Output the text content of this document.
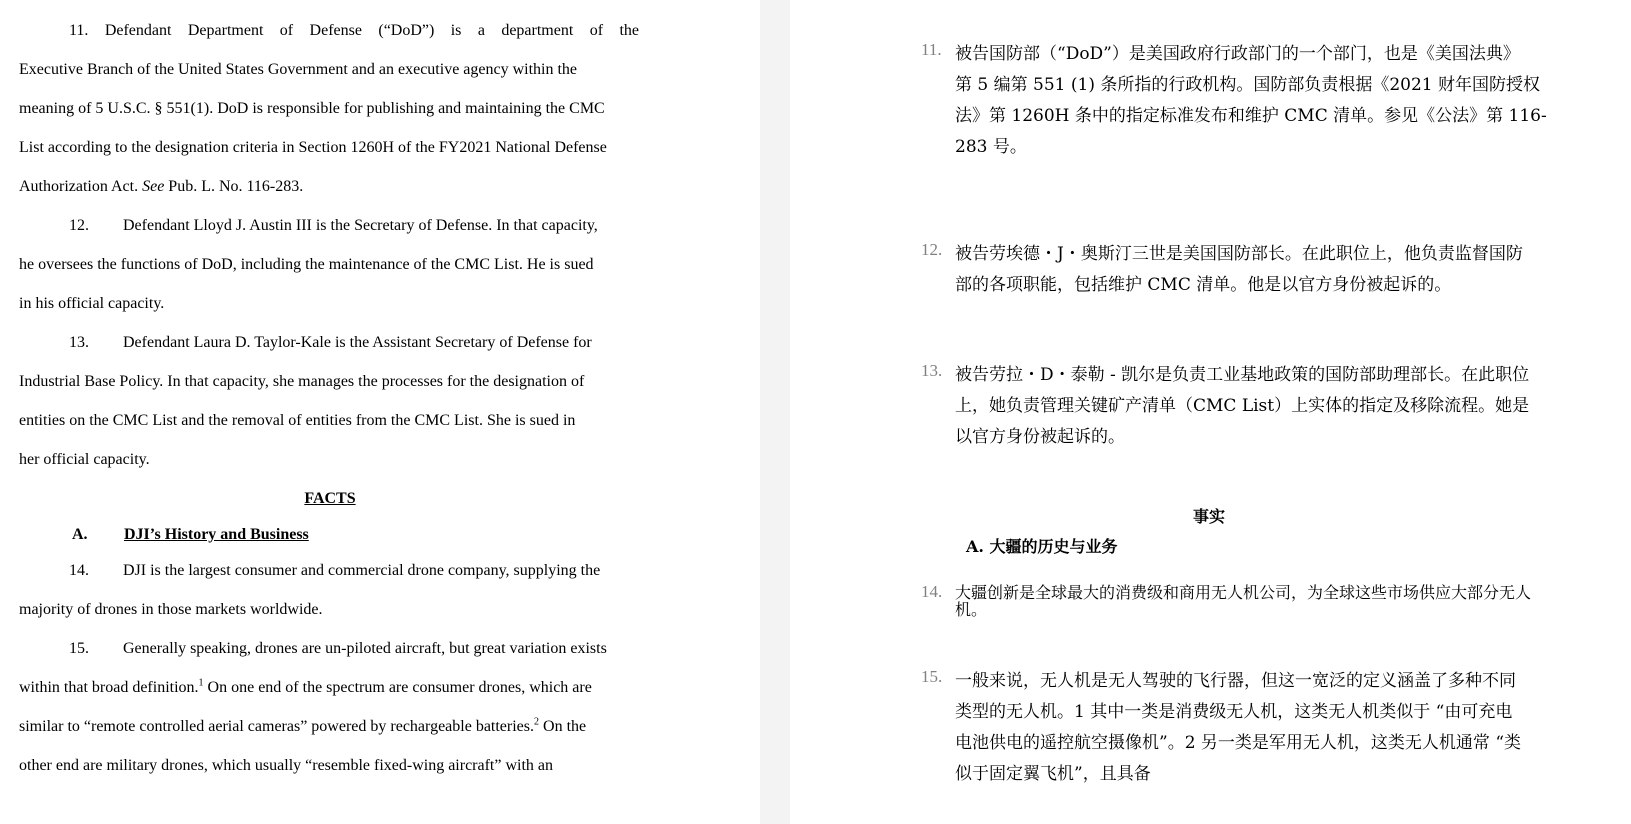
11. Defendant Department of Defense (“DoD”) is a department of the
Executive Branch of the United States Government and an executive agency within the
meaning of 5 U.S.C. § 551(1). DoD is responsible for publishing and maintaining the CMC
List according to the designation criteria in Section 1260H of the FY2021 National Defense
Authorization Act. See Pub. L. No. 116-283.
12. Defendant Lloyd J. Austin III is the Secretary of Defense. In that capacity,
he oversees the functions of DoD, including the maintenance of the CMC List. He is sued
in his official capacity.
13. Defendant Laura D. Taylor-Kale is the Assistant Secretary of Defense for
Industrial Base Policy. In that capacity, she manages the processes for the designation of
entities on the CMC List and the removal of entities from the CMC List. She is sued in
her official capacity.
FACTS
A. DJI’s History and Business
14. DJI is the largest consumer and commercial drone company, supplying the
majority of drones in those markets worldwide.
15. Generally speaking, drones are un-piloted aircraft, but great variation exists
within that broad definition.$^1$ On one end of the spectrum are consumer drones, which are
similar to “remote controlled aerial cameras” powered by rechargeable batteries.$^2$ On the
other end are military drones, which usually “resemble fixed-wing aircraft” with an
11. 被告国防部（“DoD”）是美国政府行政部门的一个部门，也是《美国法典》
第 5 编第 551 (1) 条所指的行政机构。国防部负责根据《2021 财年国防授权
法》第 1260H 条中的指定标准发布和维护 CMC 清单。参见《公法》第 116-
283 号。
12. 被告劳埃德・J・奥斯汀三世是美国国防部长。在此职位上，他负责监督国防
部的各项职能，包括维护 CMC 清单。他是以官方身份被起诉的。
13. 被告劳拉・D・泰勒 - 凯尔是负责工业基地政策的国防部助理部长。在此职位
上，她负责管理关键矿产清单（CMC List）上实体的指定及移除流程。她是
以官方身份被起诉的。
事实
A. 大疆的历史与业务
14. 大疆创新是全球最大的消费级和商用无人机公司，为全球这些市场供应大部分无人
机。
15. 一般来说，无人机是无人驾驶的飞行器，但这一宽泛的定义涵盖了多种不同
类型的无人机。1 其中一类是消费级无人机，这类无人机类似于 “由可充电
电池供电的遥控航空摄像机”。2 另一类是军用无人机，这类无人机通常 “类
似于固定翼飞机”，且具备
